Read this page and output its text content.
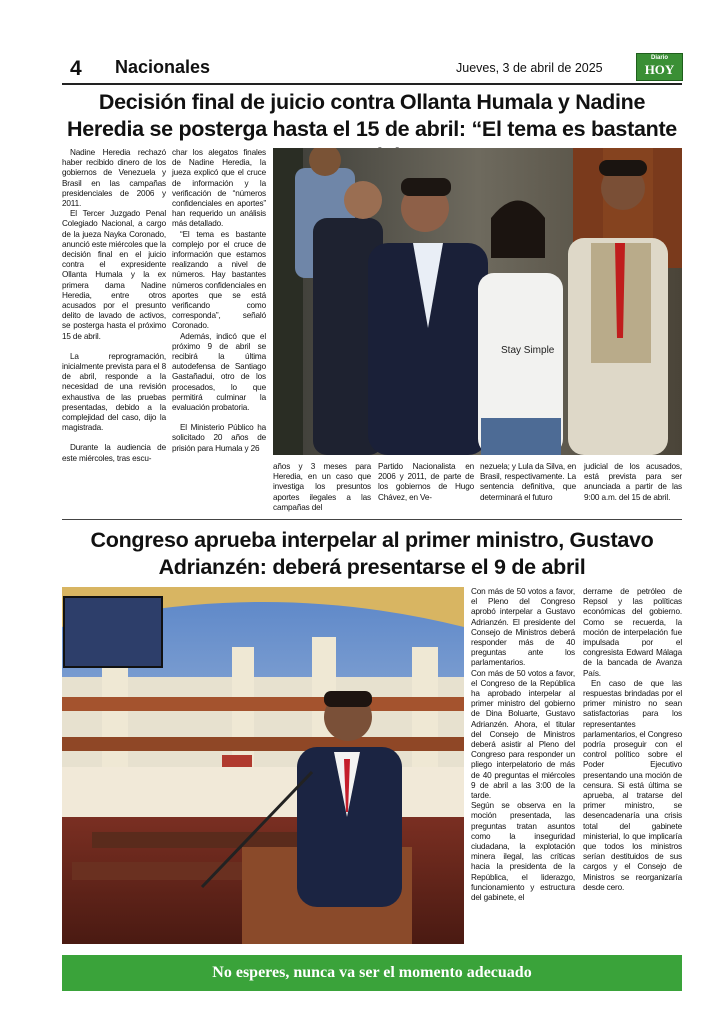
4 Nacionales	Jueves, 3 de abril de 2025
Diario
HOY
Decisión final de juicio contra Ollanta Humala y Nadine Heredia se posterga hasta el 15 de abril: “El tema es bastante

Nadine Heredia rechazó haber recibido dinero de los gobiernos de Venezuela y Brasil en las campañas presidenciales de 2006 y 2011.

El Tercer Juzgado Penal Colegiado Nacional, a cargo de la jueza Nayka Coronado, anunció este miércoles que la decisión final en el juicio contra el expresidente Ollanta Humala y la ex primera dama Nadine Heredia, entre otros acusados por el presunto delito de lavado de activos, se posterga hasta el próximo 15 de abril.

La reprogramación, inicialmente prevista para el 8 de abril, responde a la necesidad de una revisión exhaustiva de las pruebas presentadas, debido a la complejidad del caso, dijo la magistrada.

Durante la audiencia de este miércoles, tras escu-

char los alegatos finales de Nadine Heredia, la jueza explicó que el cruce de información y la verificación de “números confidenciales en aportes” han requerido un análisis más detallado.

“El tema es bastante complejo por el cruce de información que estamos realizando a nivel de números. Hay bastantes números confidenciales en aportes que se está verificando como corresponda”, señaló Coronado.

Además, indicó que el próximo 9 de abril se recibirá la última autodefensa de Santiago Gastañadui, otro de los procesados, lo que permitirá culminar la evaluación probatoria.

El Ministerio Público ha solicitado 20 años de prisión para Humala y 26

Stay Simple

años y 3 meses para Heredia, en un caso que investiga los presuntos aportes ilegales a las campañas del

Partido Nacionalista en 2006 y 2011, de parte de los gobiernos de Hugo Chávez, en Ve-

nezuela; y Lula da Silva, en Brasil, respectivamente. La sentencia definitiva, que determinará el futuro

judicial de los acusados, está prevista para ser anunciada a partir de las 9:00 a.m. del 15 de abril.

Congreso aprueba interpelar al primer ministro, Gustavo Adrianzén: deberá presentarse el 9 de abril

Con más de 50 votos a favor, el Pleno del Congreso aprobó interpelar a Gustavo Adrianzén. El presidente del Consejo de Ministros deberá responder más de 40 preguntas ante los parlamentarios.

Con más de 50 votos a favor, el Congreso de la República ha aprobado interpelar al primer ministro del gobierno de Dina Boluarte, Gustavo Adrianzén. Ahora, el titular del Consejo de Ministros deberá asistir al Pleno del Congreso para responder un pliego interpelatorio de más de 40 preguntas el miércoles 9 de abril a las 3:00 de la tarde.

Según se observa en la moción presentada, las preguntas tratan asuntos como la inseguridad ciudadana, la explotación minera ilegal, las críticas hacia la presidenta de la República, el liderazgo, funcionamiento y estructura del gabinete, el

derrame de petróleo de Repsol y las políticas económicas del gobierno. Como se recuerda, la moción de interpelación fue impulsada por el congresista Edward Málaga de la bancada de Avanza País.

En caso de que las respuestas brindadas por el primer ministro no sean satisfactorias para los representantes parlamentarios, el Congreso podría proseguir con el control político sobre el Poder Ejecutivo presentando una moción de censura. Si está última se aprueba, al tratarse del primer ministro, se desencadenaría una crisis total del gabinete ministerial, lo que implicaría que todos los ministros serían destituidos de sus cargos y el Consejo de Ministros se reorganizaría desde cero.

No esperes, nunca va ser el momento adecuado
